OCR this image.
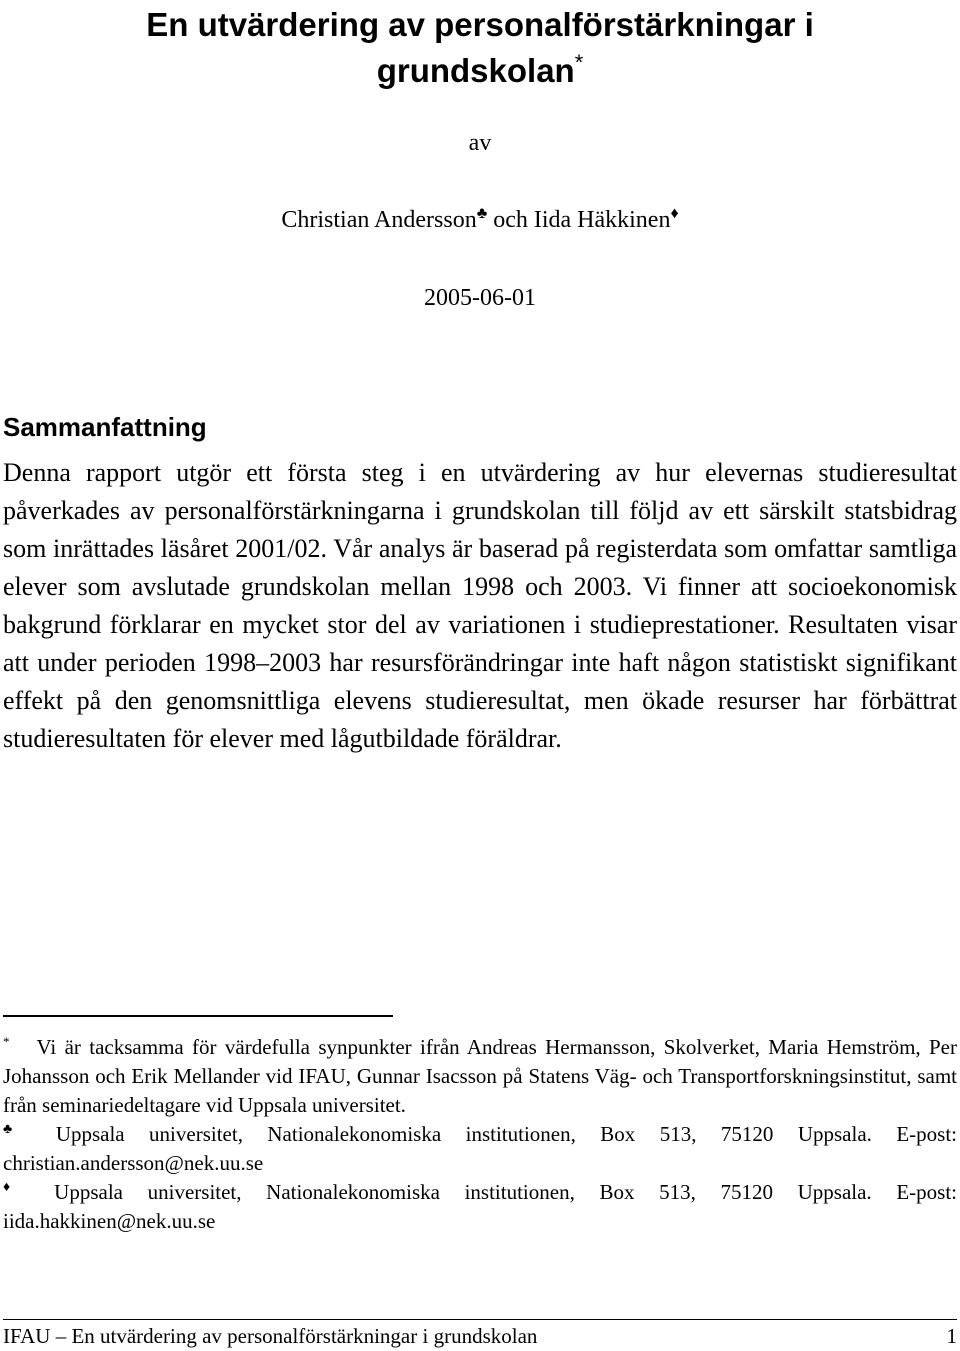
En utvärdering av personalförstärkningar i
grundskolan*
av
Christian Andersson♣ och Iida Häkkinen♦
2005-06-01
Sammanfattning

Denna rapport utgör ett första steg i en utvärdering av hur elevernas studieresultat påverkades av personalförstärkningarna i grundskolan till följd av ett särskilt statsbidrag som inrättades läsåret 2001/02. Vår analys är baserad på registerdata som omfattar samtliga elever som avslutade grundskolan mellan 1998 och 2003. Vi finner att socioekonomisk bakgrund förklarar en mycket stor del av variationen i studieprestationer. Resultaten visar att under perioden 1998–2003 har resursförändringar inte haft någon statistiskt signifikant effekt på den genomsnittliga elevens studieresultat, men ökade resurser har förbättrat studieresultaten för elever med lågutbildade föräldrar.

* Vi är tacksamma för värdefulla synpunkter ifrån Andreas Hermansson, Skolverket, Maria Hemström, Per Johansson och Erik Mellander vid IFAU, Gunnar Isacsson på Statens Väg- och Transportforskningsinstitut, samt från seminariedeltagare vid Uppsala universitet.

♣ Uppsala universitet, Nationalekonomiska institutionen, Box 513, 75120 Uppsala. E-post: christian.andersson@nek.uu.se

♦ Uppsala universitet, Nationalekonomiska institutionen, Box 513, 75120 Uppsala. E-post: iida.hakkinen@nek.uu.se

IFAU – En utvärdering av personalförstärkningar i grundskolan	1
